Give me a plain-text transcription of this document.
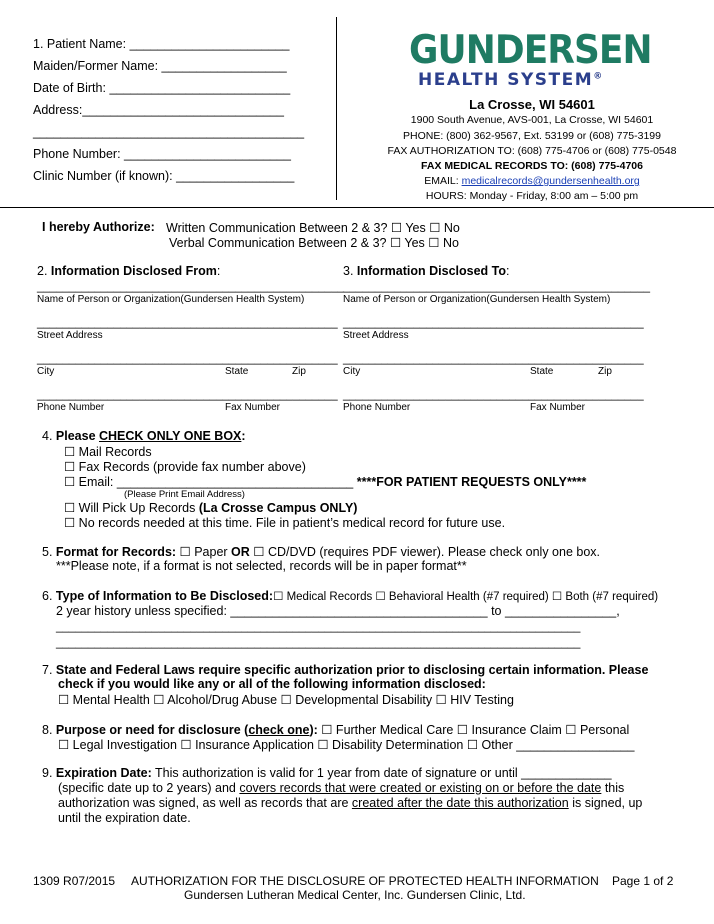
1. Patient Name: _______________________
Maiden/Former Name: __________________
Date of Birth: __________________________
Address:_____________________________
_______________________________________
Phone Number: ________________________
Clinic Number (if known): _________________
GUNDERSEN
HEALTH SYSTEM®
La Crosse, WI 54601
1900 South Avenue, AVS-001, La Crosse, WI 54601
PHONE: (800) 362-9567, Ext. 53199 or (608) 775-3199
FAX AUTHORIZATION TO: (608) 775-4706 or (608) 775-0548
FAX MEDICAL RECORDS TO: (608) 775-4706
EMAIL: medicalrecords@gundersenhealth.org
HOURS: Monday - Friday, 8:00 am – 5:00 pm
I hereby Authorize: Written Communication Between 2 & 3? ☐ Yes ☐ No
Verbal Communication Between 2 & 3? ☐ Yes ☐ No
2. Information Disclosed From:
________________________________________________
Name of Person or Organization(Gundersen Health System)
_______________________________________________
Street Address
_______________________________________________
City	State	Zip
_______________________________________________
Phone Number	Fax Number
3. Information Disclosed To:
________________________________________________
Name of Person or Organization(Gundersen Health System)
_______________________________________________
Street Address
_______________________________________________
City	State	Zip
_______________________________________________
Phone Number	Fax Number
4. Please CHECK ONLY ONE BOX:
☐ Mail Records
☐ Fax Records (provide fax number above)
☐ Email: __________________________________ ****FOR PATIENT REQUESTS ONLY****
(Please Print Email Address)
☐ Will Pick Up Records (La Crosse Campus ONLY)
☐ No records needed at this time. File in patient’s medical record for future use.
5. Format for Records: ☐ Paper OR ☐ CD/DVD (requires PDF viewer). Please check only one box.
***Please note, if a format is not selected, records will be in paper format**
6. Type of Information to Be Disclosed:☐ Medical Records ☐ Behavioral Health (#7 required) ☐ Both (#7 required)
2 year history unless specified: _____________________________________ to ________________,
__________________________________________________________________________________
__________________________________________________________________________________
7. State and Federal Laws require specific authorization prior to disclosing certain information. Please
check if you would like any or all of the following information disclosed:
☐ Mental Health ☐ Alcohol/Drug Abuse ☐ Developmental Disability ☐ HIV Testing
8. Purpose or need for disclosure (check one): ☐ Further Medical Care ☐ Insurance Claim ☐ Personal
☐ Legal Investigation ☐ Insurance Application ☐ Disability Determination ☐ Other _________________
9. Expiration Date: This authorization is valid for 1 year from date of signature or until _____________
(specific date up to 2 years) and covers records that were created or existing on or before the date this
authorization was signed, as well as records that are created after the date this authorization is signed, up
until the expiration date.
1309 R07/2015 AUTHORIZATION FOR THE DISCLOSURE OF PROTECTED HEALTH INFORMATION Page 1 of 2
Gundersen Lutheran Medical Center, Inc. Gundersen Clinic, Ltd.
